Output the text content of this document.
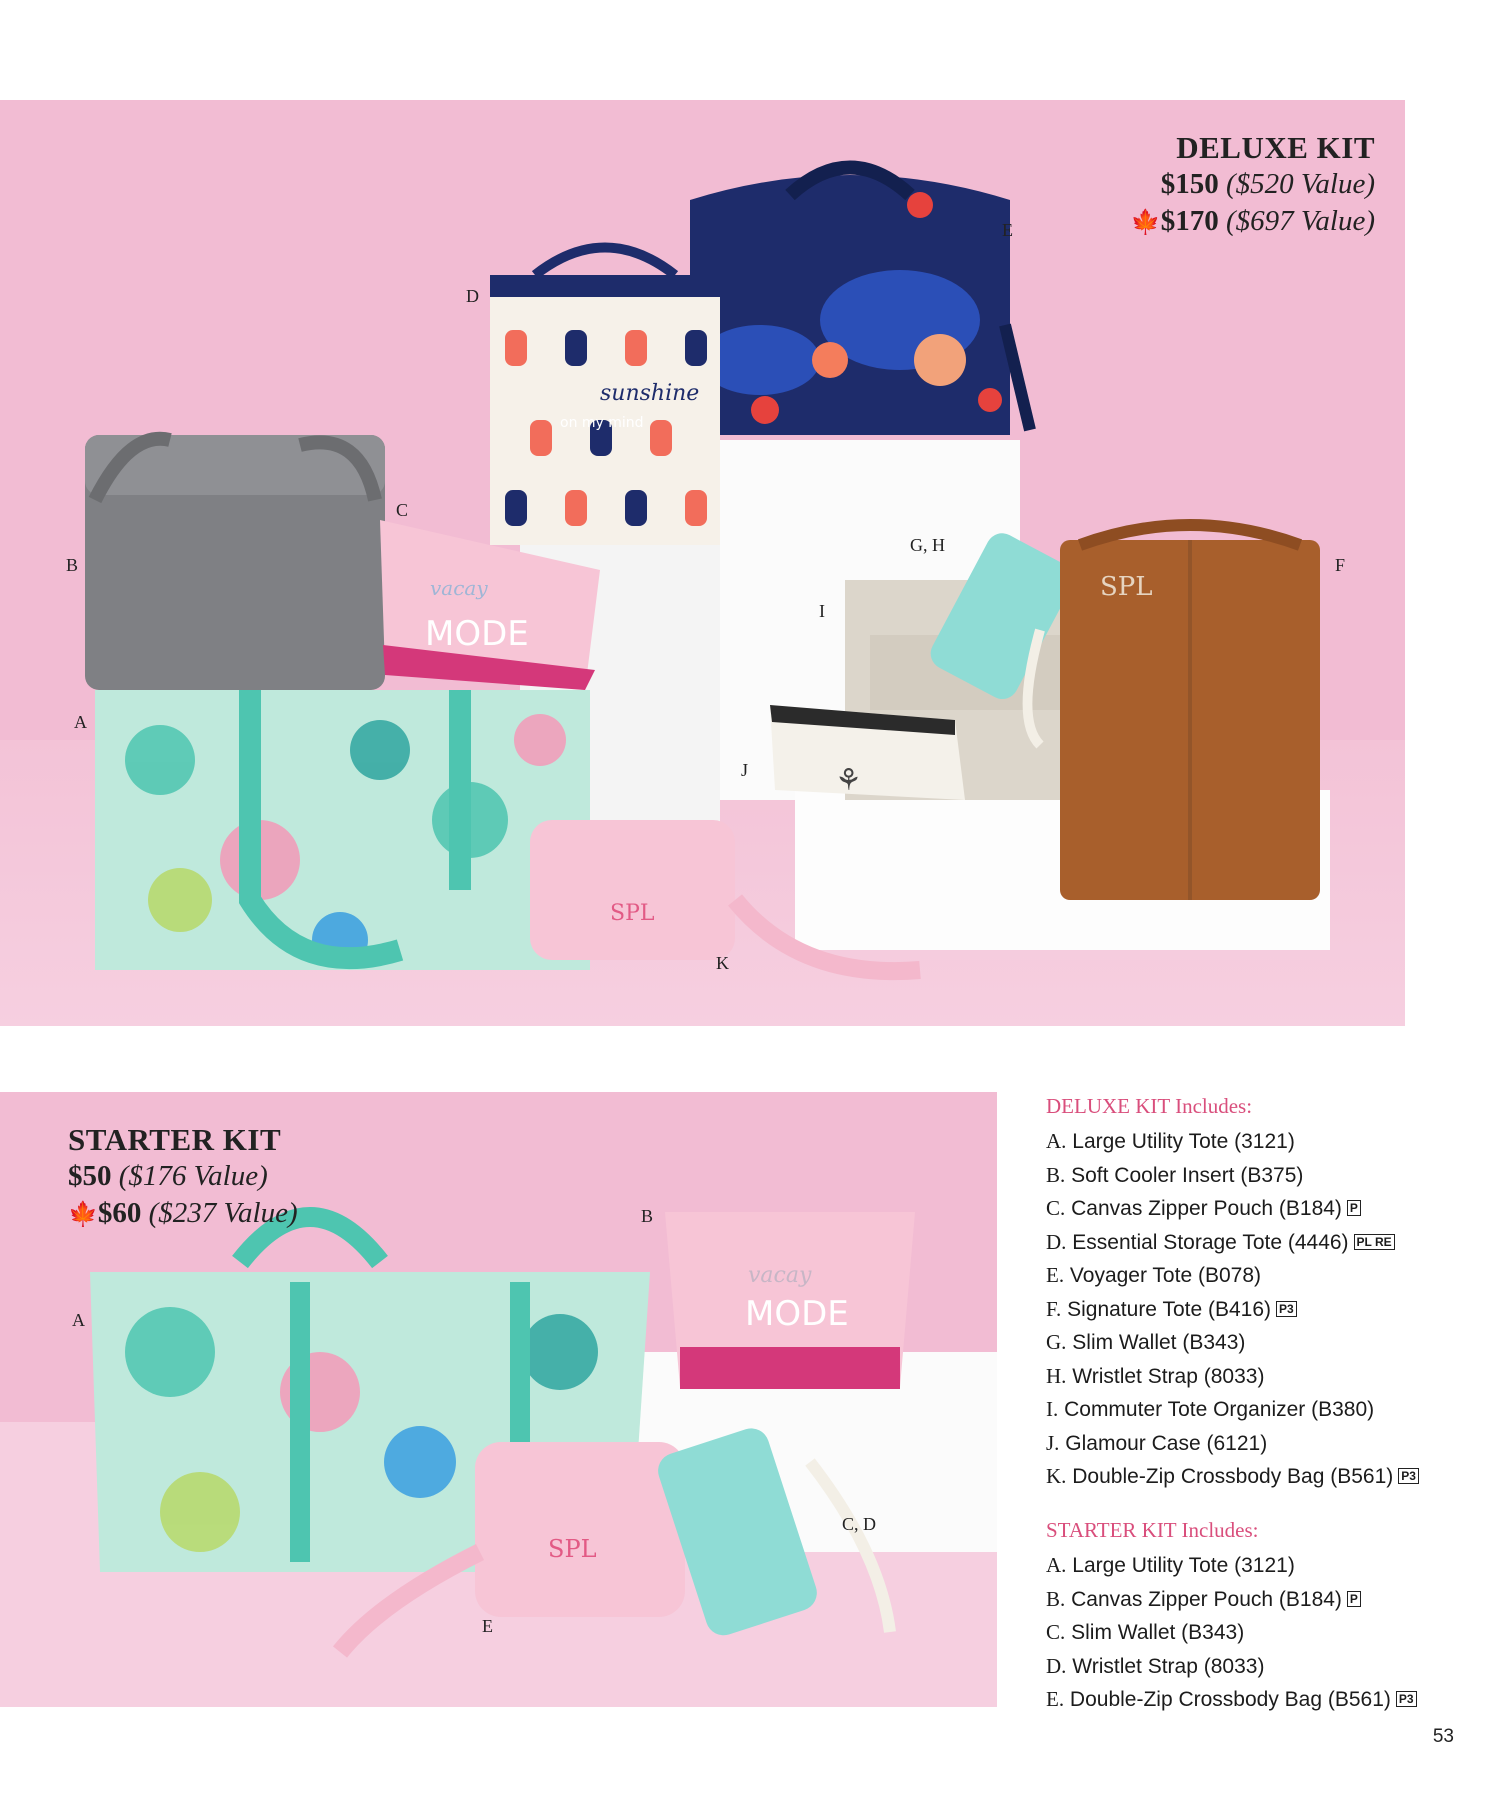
sunshine
on my mind
vacay
MODE
SPL
⚘
SPL
DELUXE KIT
$150 ($520 Value)
🍁$170 ($697 Value)
A
B
C
D
E
F
G, H
I
J
K
vacay
MODE
SPL
STARTER KIT
$50 ($176 Value)
🍁$60 ($237 Value)
A
B
C, D
E
DELUXE KIT Includes:
A. Large Utility Tote (3121)
B. Soft Cooler Insert (B375)
C. Canvas Zipper Pouch (B184) P
D. Essential Storage Tote (4446) PL RE
E. Voyager Tote (B078)
F. Signature Tote (B416) P3
G. Slim Wallet (B343)
H. Wristlet Strap (8033)
I. Commuter Tote Organizer (B380)
J. Glamour Case (6121)
K. Double-Zip Crossbody Bag (B561) P3
STARTER KIT Includes:
A. Large Utility Tote (3121)
B. Canvas Zipper Pouch (B184) P
C. Slim Wallet (B343)
D. Wristlet Strap (8033)
E. Double-Zip Crossbody Bag (B561) P3
53
